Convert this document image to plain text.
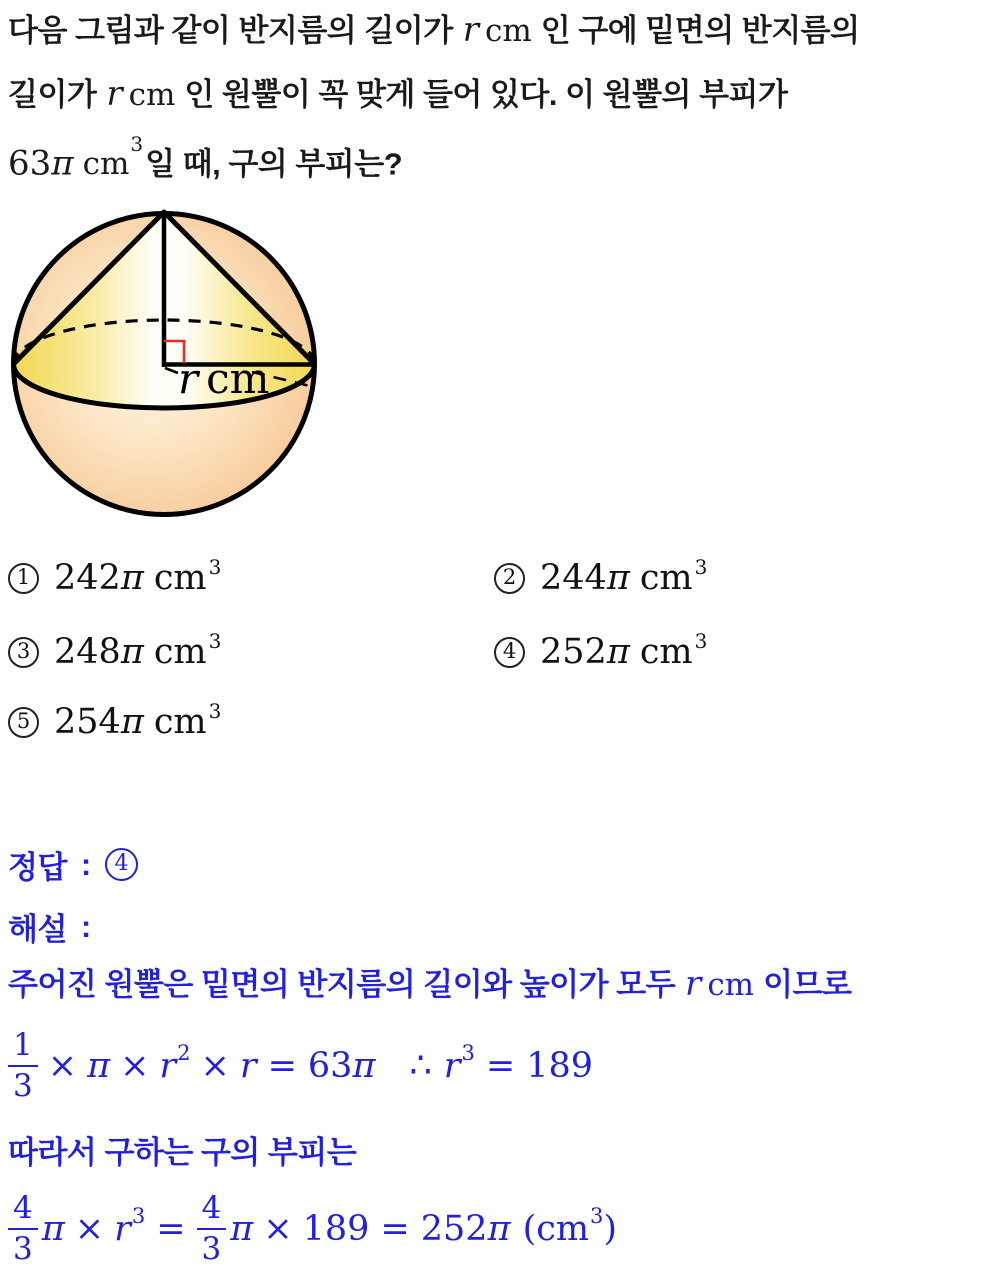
다음 그림과 같이 반지름의 길이가 r cm 인 구에 밑면의 반지름의
길이가 r cm 인 원뿔이 꼭 맞게 들어 있다. 이 원뿔의 부피가
63π $cm^3$일 때, 구의 부피는?
r cm
1 242 π $cm^3$	2 244 π $cm^3$
3 248 π $cm^3$	4 252 π $cm^3$
5 254 π $cm^3$
정답 :	4
해설 :
주어진 원뿔은 밑면의 반지름의 길이와 높이가 모두 r cm 이므로
$\frac{1}{3} \times \pi \times r^2 \times r = 63$ π ∴ $r^3 = 189$
따라서 구하는 구의 부피는
$\frac{4}{3}$ $\pi \times r^3 = \frac{4}{3}$ π × 189 = 252 π ( $cm^3$ )
